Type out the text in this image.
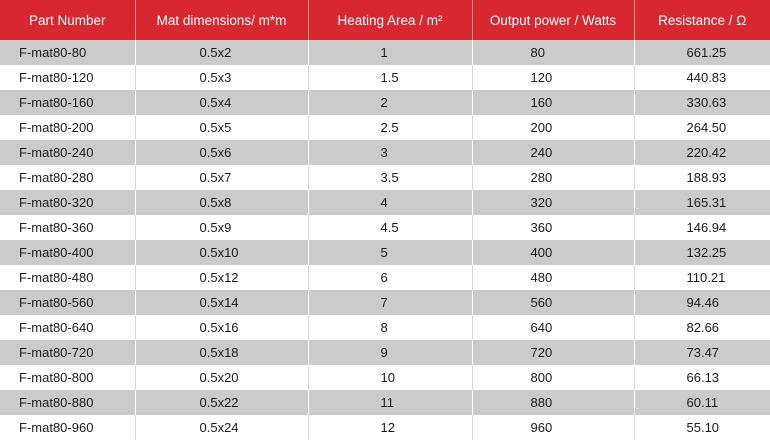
Part Number	Mat dimensions/ m*m	Heating Area / m²	Output power / Watts	Resistance / Ω
F-mat80-80	0.5x2	1	80	661.25
F-mat80-120	0.5x3	1.5	120	440.83
F-mat80-160	0.5x4	2	160	330.63
F-mat80-200	0.5x5	2.5	200	264.50
F-mat80-240	0.5x6	3	240	220.42
F-mat80-280	0.5x7	3.5	280	188.93
F-mat80-320	0.5x8	4	320	165.31
F-mat80-360	0.5x9	4.5	360	146.94
F-mat80-400	0.5x10	5	400	132.25
F-mat80-480	0.5x12	6	480	110.21
F-mat80-560	0.5x14	7	560	94.46
F-mat80-640	0.5x16	8	640	82.66
F-mat80-720	0.5x18	9	720	73.47
F-mat80-800	0.5x20	10	800	66.13
F-mat80-880	0.5x22	11	880	60.11
F-mat80-960	0.5x24	12	960	55.10
